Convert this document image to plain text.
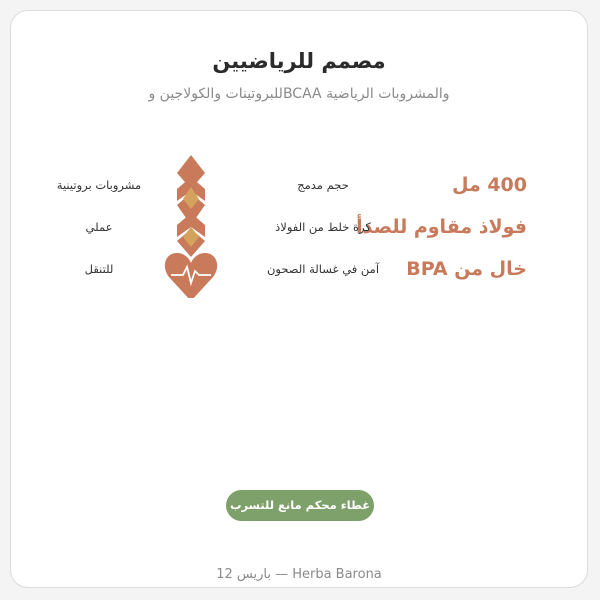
مصمم للرياضيين
للبروتينات والكولاجين وBCAA والمشروبات الرياضية
400 مل
حجم مدمج
مشروبات بروتينية
فولاذ مقاوم للصدأ
كرة خلط من الفولاذ
عملي
خال من BPA
آمن في غسالة الصحون
للتنقل
غطاء محكم مانع للتسرب
باريس 12 — Herba Barona
